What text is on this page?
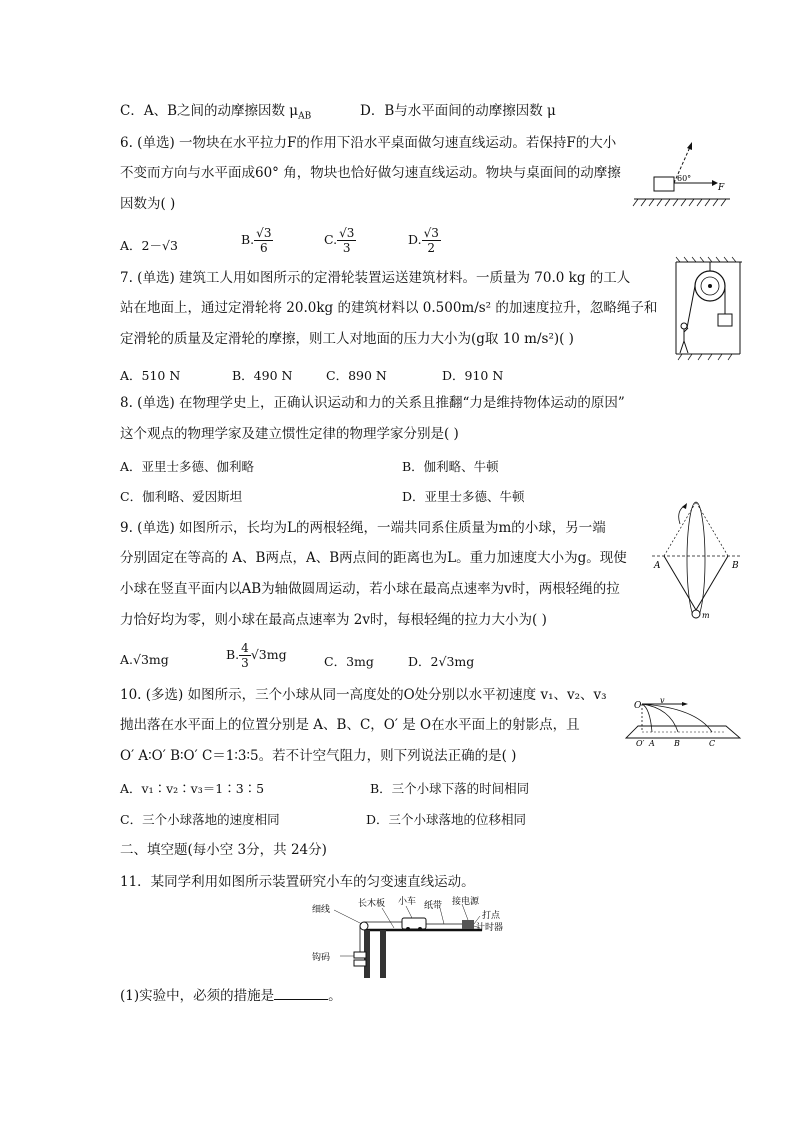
C．A、B之间的动摩擦因数 $\mu_{AB}$	D．B与水平面间的动摩擦因数 μ
6. (单选) 一物块在水平拉力F的作用下沿水平桌面做匀速直线运动。若保持F的大小
不变而方向与水平面成60° 角，物块也恰好做匀速直线运动。物块与桌面间的动摩擦
因数为( )
60°
F
A．2－√3	B. $\frac{√3}{6}$	C. $\frac{√3}{3}$	D. $\frac{√3}{2}$
7. (单选) 建筑工人用如图所示的定滑轮装置运送建筑材料。一质量为 70.0 kg 的工人
站在地面上，通过定滑轮将 20.0kg 的建筑材料以 0.500m/s² 的加速度拉升，忽略绳子和
定滑轮的质量及定滑轮的摩擦，则工人对地面的压力大小为(g取 10 m/s²)( )
A．510 N	B．490 N	C．890 N	D．910 N
8. (单选) 在物理学史上，正确认识运动和力的关系且推翻“力是维持物体运动的原因”
这个观点的物理学家及建立惯性定律的物理学家分别是( )
A．亚里士多德、伽利略	B．伽利略、牛顿
C．伽利略、爱因斯坦	D．亚里士多德、牛顿
9. (单选) 如图所示，长均为L的两根轻绳，一端共同系住质量为m的小球，另一端
分别固定在等高的 A、B两点，A、B两点间的距离也为L。重力加速度大小为g。现使
小球在竖直平面内以AB为轴做圆周运动，若小球在最高点速率为v时，两根轻绳的拉
力恰好均为零，则小球在最高点速率为 2v时，每根轻绳的拉力大小为( )
A	B
m
A.√3mg	B. $\frac{4}{3} √3mg$	C．3mg	D．2√3mg
10. (多选) 如图所示，三个小球从同一高度处的O处分别以水平初速度 v₁、v₂、v₃
抛出落在水平面上的位置分别是 A、B、C，O′ 是 O在水平面上的射影点，且
O′ A∶O′ B∶O′ C＝1∶3∶5。若不计空气阻力，则下列说法正确的是( )
O
v
O′ A B	C
A．v₁∶v₂∶v₃＝1∶3∶5	B．三个小球下落的时间相同
C．三个小球落地的速度相同	D．三个小球落地的位移相同
二、填空题(每小空 3分，共 24分)
11．某同学利用如图所示装置研究小车的匀变速直线运动。
细线
长木板 小车 纸带 接电源
打点
计时器
钩码
(1)实验中，必须的措施是	。
